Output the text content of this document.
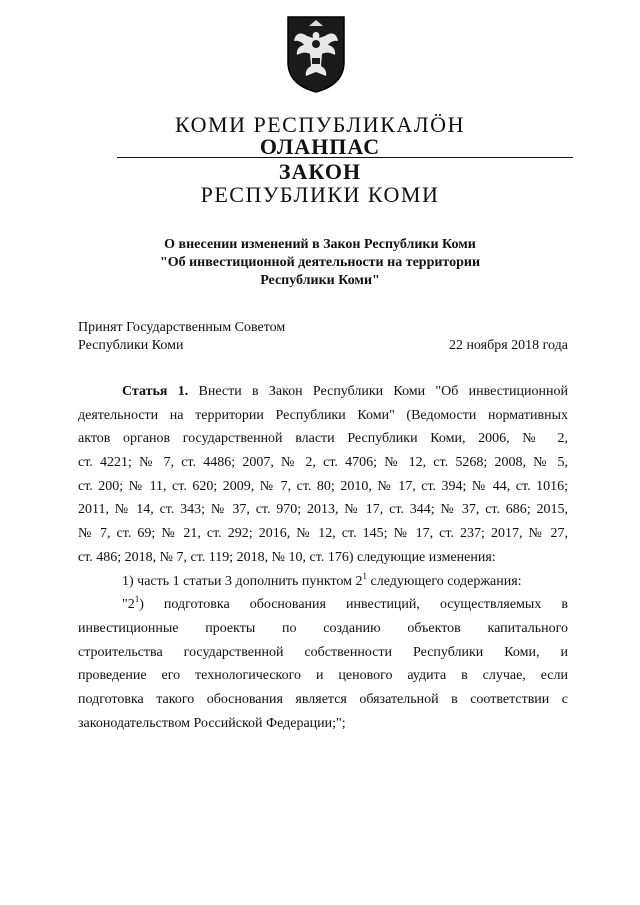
КОМИ РЕСПУБЛИКАЛÖН
ОЛАНПАС
ЗАКОН
РЕСПУБЛИКИ КОМИ
О внесении изменений в Закон Республики Коми
"Об инвестиционной деятельности на территории
Республики Коми"
Принят Государственным Советом
Республики Коми	22 ноября 2018 года
Статья 1. Внести в Закон Республики Коми "Об инвестиционной
деятельности на территории Республики Коми" (Ведомости нормативных
актов органов государственной власти Республики Коми, 2006, № 2,
ст. 4221; № 7, ст. 4486; 2007, № 2, ст. 4706; № 12, ст. 5268; 2008, № 5,
ст. 200; № 11, ст. 620; 2009, № 7, ст. 80; 2010, № 17, ст. 394; № 44, ст. 1016;
2011, № 14, ст. 343; № 37, ст. 970; 2013, № 17, ст. 344; № 37, ст. 686; 2015,
№ 7, ст. 69; № 21, ст. 292; 2016, № 12, ст. 145; № 17, ст. 237; 2017, № 27,
ст. 486; 2018, № 7, ст. 119; 2018, № 10, ст. 176) следующие изменения:
1) часть 1 статьи 3 дополнить пунктом $2^1$ следующего содержания:
"$2^1$) подготовка обоснования инвестиций, осуществляемых в
инвестиционные проекты по созданию объектов капитального
строительства государственной собственности Республики Коми, и
проведение его технологического и ценового аудита в случае, если
подготовка такого обоснования является обязательной в соответствии с
законодательством Российской Федерации;";
